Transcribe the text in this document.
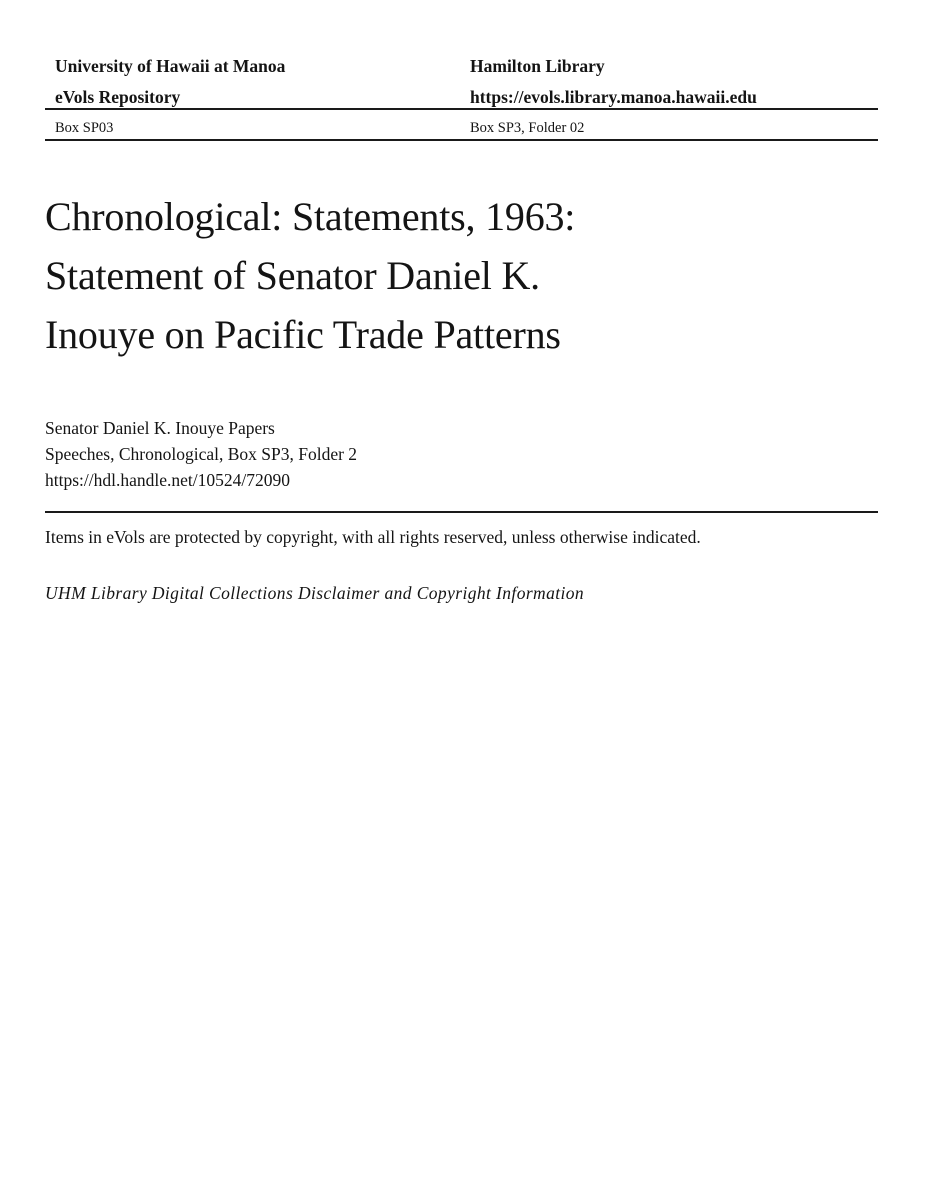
University of Hawaii at Manoa
eVols Repository
Hamilton Library
https://evols.library.manoa.hawaii.edu
Box SP03	Box SP3, Folder 02
Chronological: Statements, 1963:
Statement of Senator Daniel K.
Inouye on Pacific Trade Patterns
Senator Daniel K. Inouye Papers
Speeches, Chronological, Box SP3, Folder 2
https://hdl.handle.net/10524/72090
Items in eVols are protected by copyright, with all rights reserved, unless otherwise indicated.
UHM Library Digital Collections Disclaimer and Copyright Information
